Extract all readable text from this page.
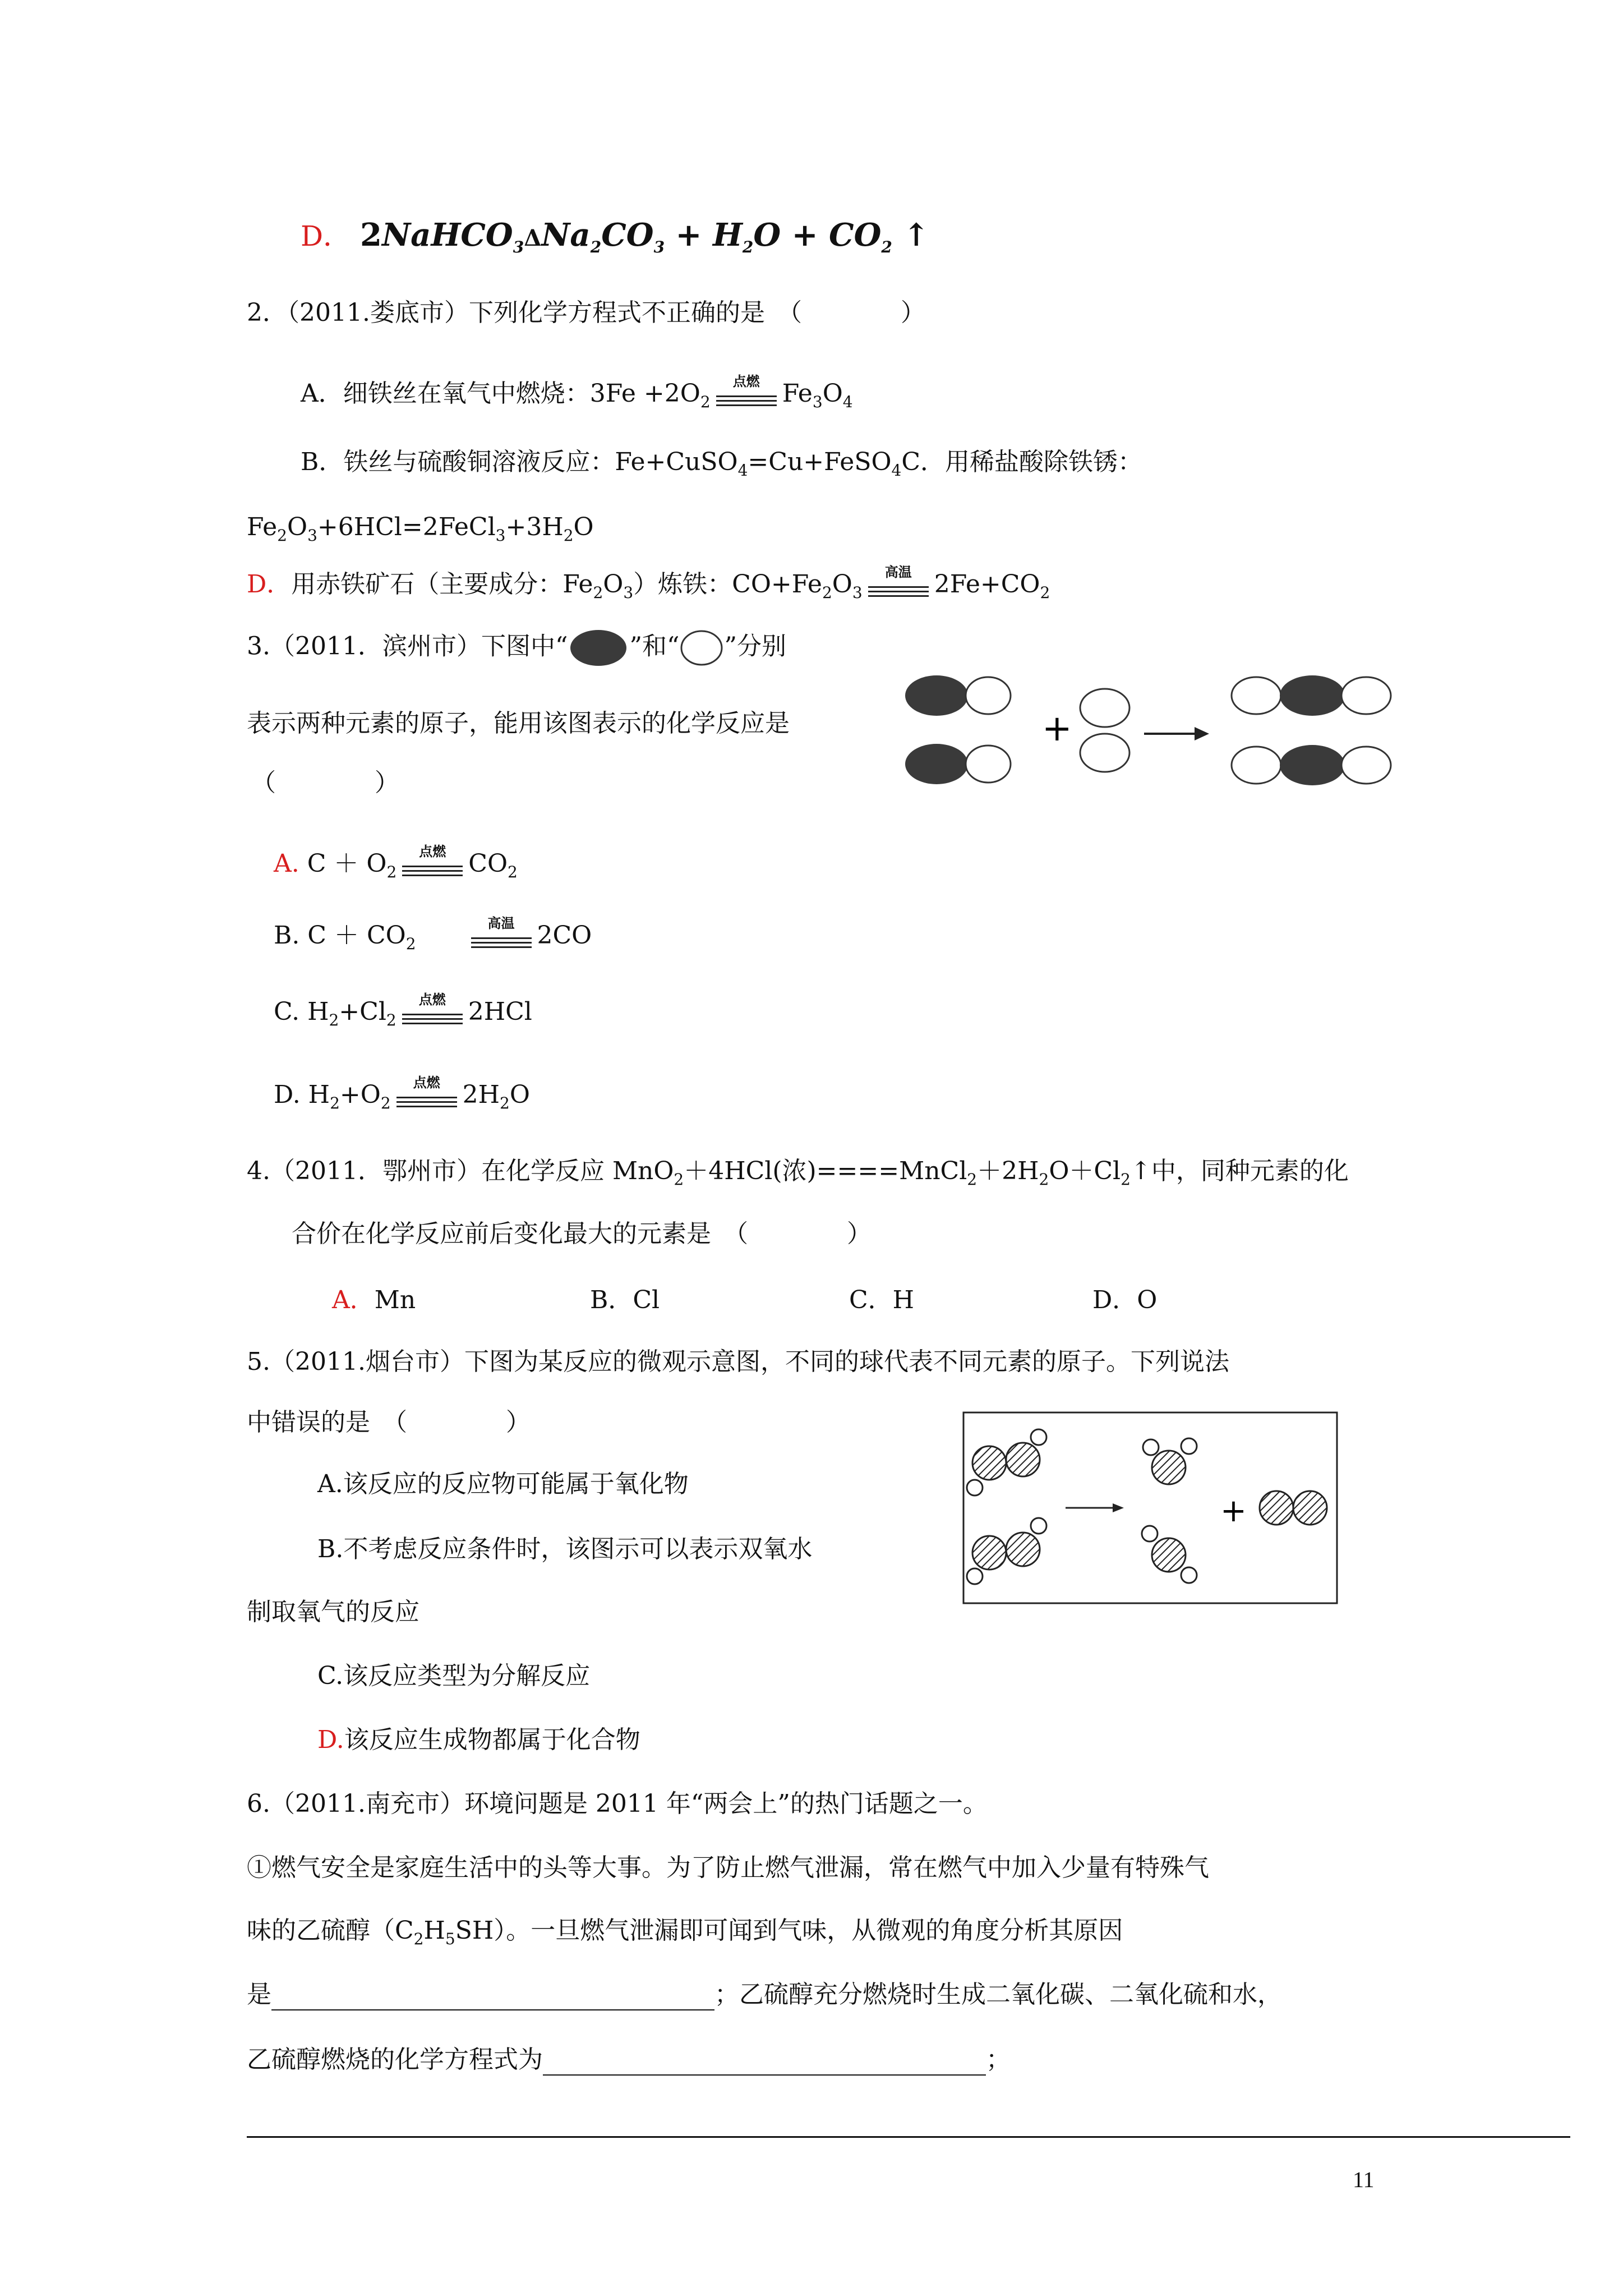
D． $2NaHCO_3\Delta Na_2CO_3 + H_2O + CO_2$ ↑
2．（2011.娄底市）下列化学方程式不正确的是　（　　　　）
A．细铁丝在氧气中燃烧：$3Fe +2O_2$
点燃 $Fe_3O_4$
B．铁丝与硫酸铜溶液反应：Fe+CuSO$_4$=Cu+FeSO$_4$C．用稀盐酸除铁锈：
$Fe_2O_3+6HCl=2FeCl_3+3H_2O$
D．用赤铁矿石（主要成分：$Fe_2O_3$）炼铁：$CO+Fe_2O_3$
高温 $2Fe+CO_2$
3.（2011．滨州市）下图中“	”和“ ”分别
表示两种元素的原子，能用该图表示的化学反应是
（　　　　）
+
A. $C + O_2$
点燃 $CO_2$
B. $C + CO_2$　　
高温 2CO
C. $H_2+Cl_2$
点燃 2HCl
D. $H_2+O_2$
点燃 $2H_2O$
4.（2011．鄂州市）在化学反应 MnO$_2$＋4HCl(浓)$====MnCl_2+2H_2O+Cl_2↑$中，同种元素的化
合价在化学反应前后变化最大的元素是　（　　　　）
A．Mn	B．Cl	C．H	D．O
5.（2011.烟台市）下图为某反应的微观示意图，不同的球代表不同元素的原子。下列说法
中错误的是　（　　　　）
A.该反应的反应物可能属于氧化物
B.不考虑反应条件时，该图示可以表示双氧水
制取氧气的反应
C.该反应类型为分解反应
D.该反应生成物都属于化合物
+
6.（2011.南充市）环境问题是 2011 年“两会上”的热门话题之一。
①燃气安全是家庭生活中的头等大事。为了防止燃气泄漏，常在燃气中加入少量有特殊气
味的乙硫醇$(C_2H_5SH)$。一旦燃气泄漏即可闻到气味，从微观的角度分析其原因
是	；乙硫醇充分燃烧时生成二氧化碳、二氧化硫和水，
乙硫醇燃烧的化学方程式为	；
11
